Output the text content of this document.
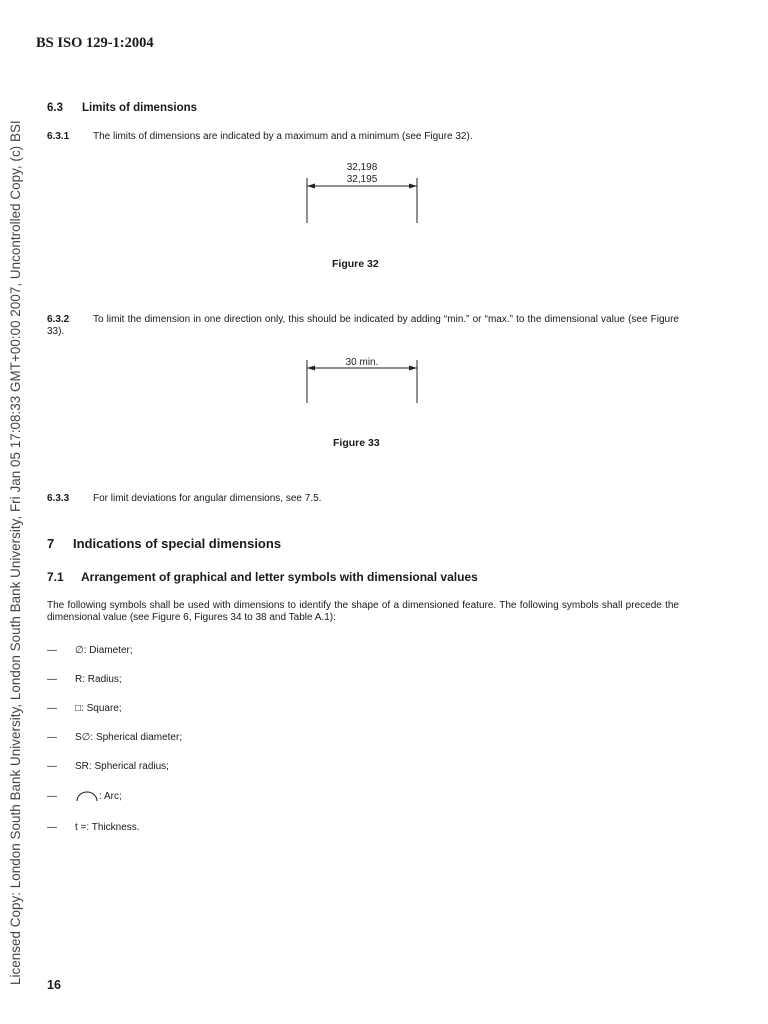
Licensed Copy: London South Bank University, London South Bank University, Fri Jan 05 17:08:33 GMT+00:00 2007, Uncontrolled Copy, (c) BSI
BS ISO 129-1:2004
6.3 Limits of dimensions
6.3.1 The limits of dimensions are indicated by a maximum and a minimum (see Figure 32).
32,198
32,195
Figure 32
6.3.2 To limit the dimension in one direction only, this should be indicated by adding “min.” or “max.” to the dimensional value (see Figure 33).
30 min.
Figure 33
6.3.3 For limit deviations for angular dimensions, see 7.5.
7 Indications of special dimensions
7.1 Arrangement of graphical and letter symbols with dimensional values
The following symbols shall be used with dimensions to identify the shape of a dimensioned feature. The following symbols shall precede the dimensional value (see Figure 6, Figures 34 to 38 and Table A.1):
—	∅ : Diameter;
—	R : Radius;
—	□ : Square;
—	S∅ : Spherical diameter;
—	SR : Spherical radius;
—	: Arc;
—	t = : Thickness.
16
